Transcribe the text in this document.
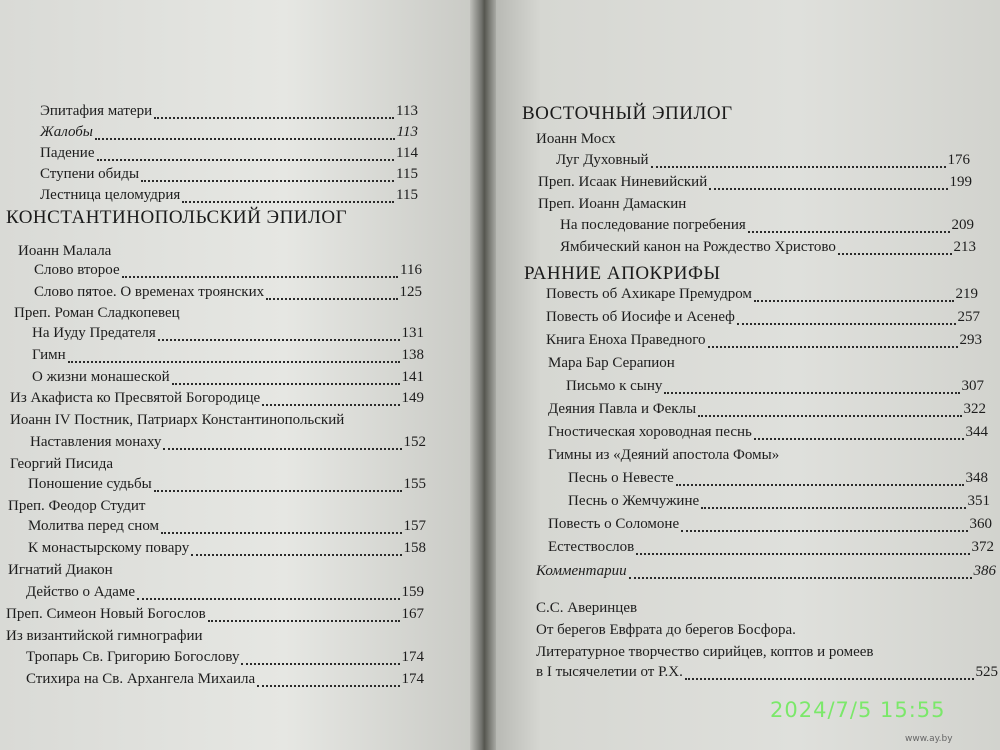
Эпитафия матери	113
Жалобы	113
Падение	114
Ступени обиды	115
Лестница целомудрия	115
КОНСТАНТИНОПОЛЬСКИЙ ЭПИЛОГ
Иоанн Малала
Слово второе	116
Слово пятое. О временах троянских	125
Преп. Роман Сладкопевец
На Иуду Предателя	131
Гимн	138
О жизни монашеской	141
Из Акафиста ко Пресвятой Богородице	149
Иоанн IV Постник, Патриарх Константинопольский
Наставления монаху	152
Георгий Писида
Поношение судьбы	155
Преп. Феодор Студит
Молитва перед сном	157
К монастырскому повару	158
Игнатий Диакон
Действо о Адаме	159
Преп. Симеон Новый Богослов	167
Из византийской гимнографии
Тропарь Св. Григорию Богослову	174
Стихира на Св. Архангела Михаила	174
ВОСТОЧНЫЙ ЭПИЛОГ
Иоанн Мосх
Луг Духовный	176
Преп. Исаак Ниневийский	199
Преп. Иоанн Дамаскин
На последование погребения	209
Ямбический канон на Рождество Христово	213
РАННИЕ АПОКРИФЫ
Повесть об Ахикаре Премудром	219
Повесть об Иосифе и Асенеф	257
Книга Еноха Праведного	293
Мара Бар Серапион
Письмо к сыну	307
Деяния Павла и Феклы	322
Гностическая хороводная песнь	344
Гимны из «Деяний апостола Фомы»
Песнь о Невесте	348
Песнь о Жемчужине	351
Повесть о Соломоне	360
Естествослов	372
Комментарии	386
С.С. Аверинцев
От берегов Евфрата до берегов Босфора.
Литературное творчество сирийцев, коптов и ромеев
в I тысячелетии от Р.Х.	525
2024/7/5 15:55
www.ay.by
